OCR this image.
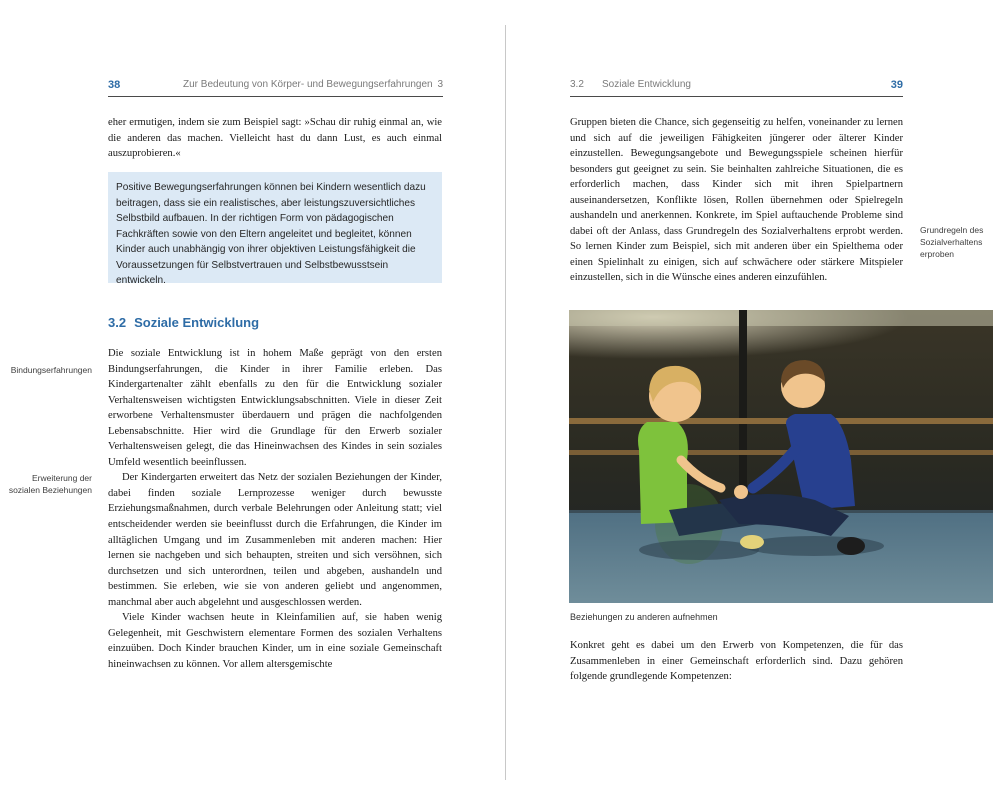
38	Zur Bedeutung von Körper- und Bewegungserfahrungen 3

eher ermutigen, indem sie zum Beispiel sagt: »Schau dir ruhig einmal an, wie die anderen das machen. Vielleicht hast du dann Lust, es auch einmal auszuprobieren.«

Positive Bewegungserfahrungen können bei Kindern wesentlich dazu beitragen, dass sie ein realistisches, aber leistungszuversichtliches Selbstbild aufbauen. In der richtigen Form von pädagogischen Fachkräften sowie von den Eltern angeleitet und begleitet, können Kinder auch unabhängig von ihrer objektiven Leistungsfähigkeit die Voraussetzungen für Selbstvertrauen und Selbstbewusstsein entwickeln.
3.2 Soziale Entwicklung

Die soziale Entwicklung ist in hohem Maße geprägt von den ersten Bindungserfahrungen, die Kinder in ihrer Familie erleben. Das Kindergartenalter zählt ebenfalls zu den für die Entwicklung sozialer Verhaltensweisen wichtigsten Entwicklungsabschnitten. Viele in dieser Zeit erworbene Verhaltensmuster überdauern und prägen die nachfolgenden Lebensabschnitte. Hier wird die Grundlage für den Erwerb sozialer Verhaltensweisen gelegt, die das Hineinwachsen des Kindes in sein soziales Umfeld wesentlich beeinflussen.

Der Kindergarten erweitert das Netz der sozialen Beziehungen der Kinder, dabei finden soziale Lernprozesse weniger durch bewusste Erziehungsmaßnahmen, durch verbale Belehrungen oder Anleitung statt; viel entscheidender werden sie beeinflusst durch die Erfahrungen, die Kinder im alltäglichen Umgang und im Zusammenleben mit anderen machen: Hier lernen sie nachgeben und sich behaupten, streiten und sich versöhnen, sich durchsetzen und sich unterordnen, teilen und abgeben, aushandeln und bestimmen. Sie erleben, wie sie von anderen geliebt und angenommen, manchmal aber auch abgelehnt und ausgeschlossen werden.

Viele Kinder wachsen heute in Kleinfamilien auf, sie haben wenig Gelegenheit, mit Geschwistern elementare Formen des sozialen Verhaltens einzuüben. Doch Kinder brauchen Kinder, um in eine soziale Gemeinschaft hineinwachsen zu können. Vor allem altersgemischte

Bindungserfahrungen
Erweiterung der
sozialen Beziehungen
3.2 Soziale Entwicklung	39

Gruppen bieten die Chance, sich gegenseitig zu helfen, voneinander zu lernen und sich auf die jeweiligen Fähigkeiten jüngerer oder älterer Kinder einzustellen. Bewegungsangebote und Bewegungsspiele scheinen hierfür besonders gut geeignet zu sein. Sie beinhalten zahlreiche Situationen, die es erforderlich machen, dass Kinder sich mit ihren Spielpartnern auseinandersetzen, Konflikte lösen, Rollen übernehmen oder Spielregeln aushandeln und anerkennen. Konkrete, im Spiel auftauchende Probleme sind dabei oft der Anlass, dass Grundregeln des Sozialverhaltens erprobt werden. So lernen Kinder zum Beispiel, sich mit anderen über ein Spielthema oder einen Spielinhalt zu einigen, sich auf schwächere oder stärkere Mitspieler einzustellen, sich in die Wünsche eines anderen einzufühlen.

Grundregeln des
Sozialverhaltens
erproben
Beziehungen zu anderen aufnehmen

Konkret geht es dabei um den Erwerb von Kompetenzen, die für das Zusammenleben in einer Gemeinschaft erforderlich sind. Dazu gehören folgende grundlegende Kompetenzen:
